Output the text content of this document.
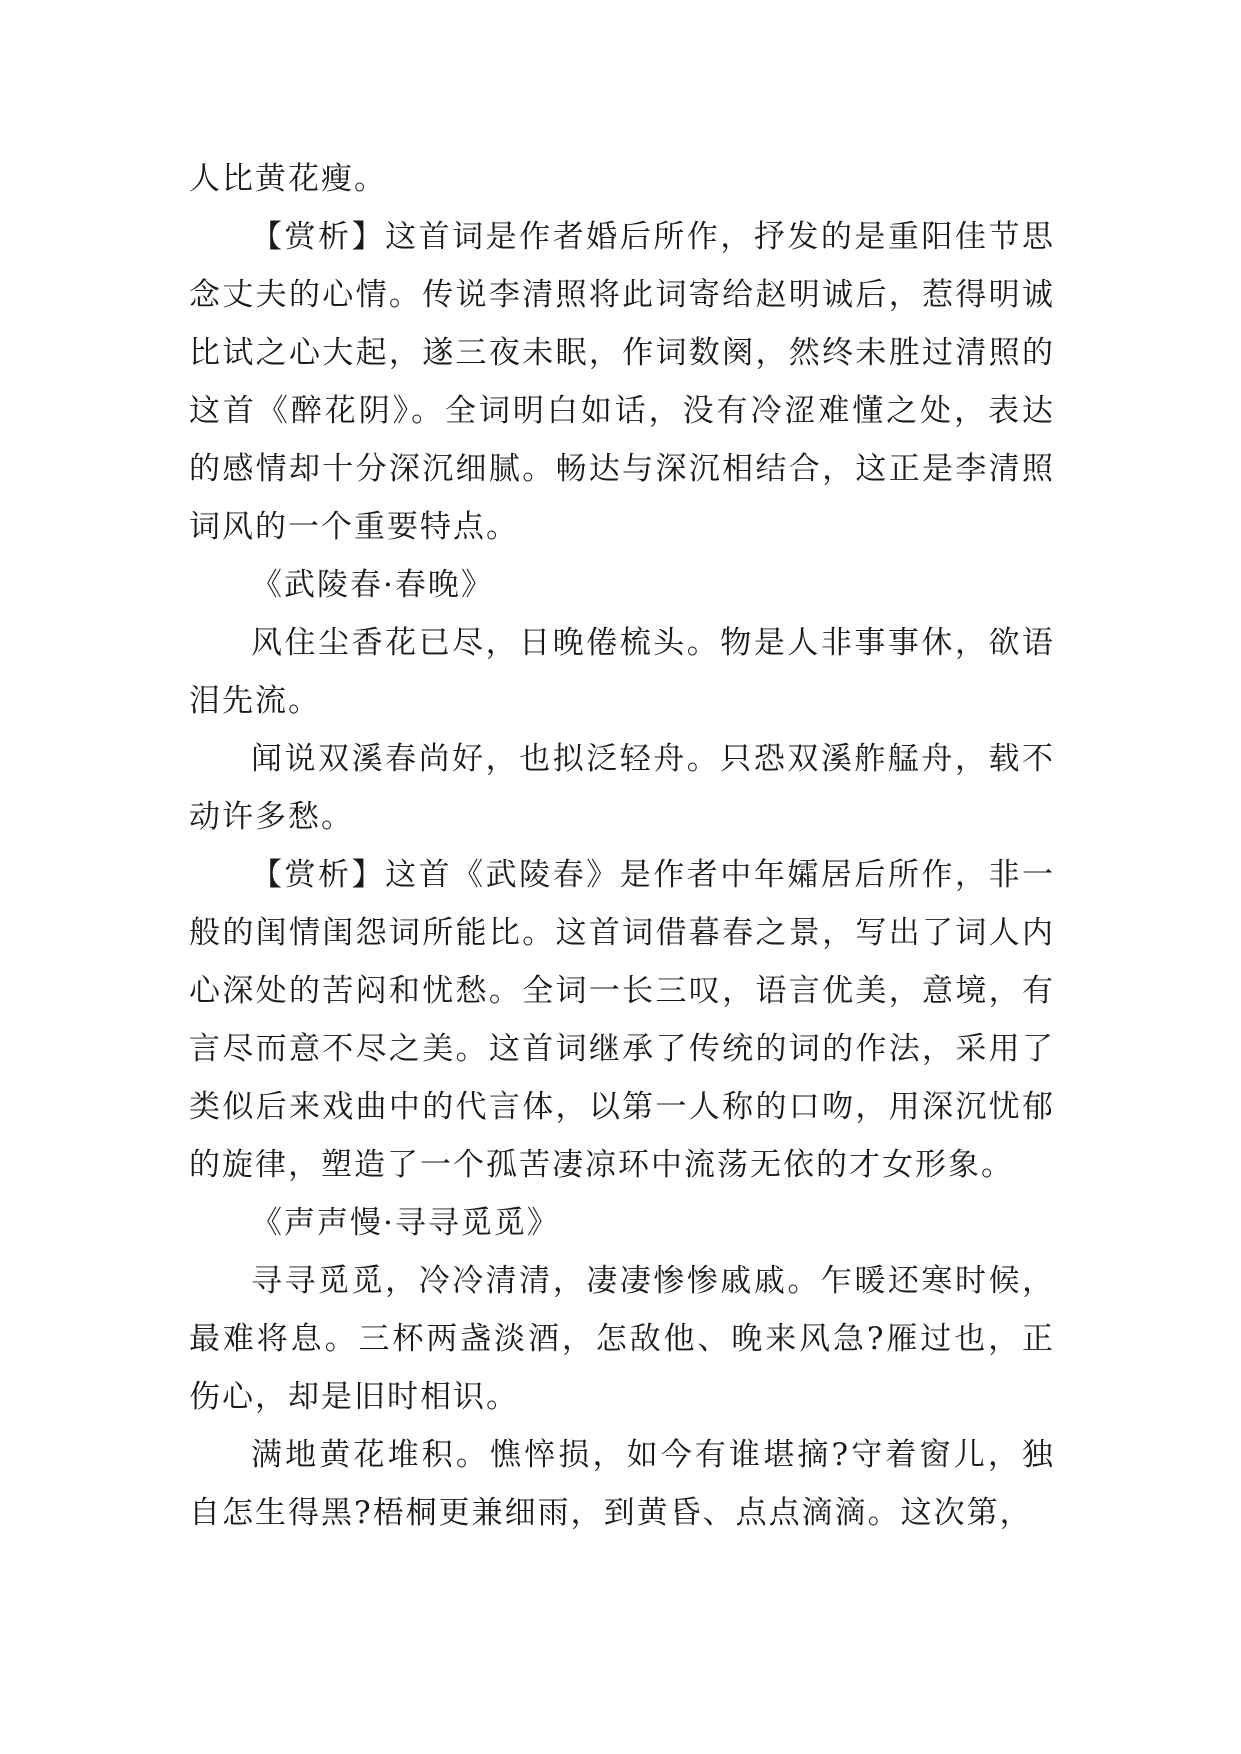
人比黄花瘦。

【赏析】这首词是作者婚后所作，抒发的是重阳佳节思念丈夫的心情。传说李清照将此词寄给赵明诚后，惹得明诚比试之心大起，遂三夜未眠，作词数阕，然终未胜过清照的这首《醉花阴》。全词明白如话，没有冷涩难懂之处，表达的感情却十分深沉细腻。畅达与深沉相结合，这正是李清照词风的一个重要特点。

《武陵春·春晚》

风住尘香花已尽，日晚倦梳头。物是人非事事休，欲语泪先流。

闻说双溪春尚好，也拟泛轻舟。只恐双溪舴艋舟，载不动许多愁。

【赏析】这首《武陵春》是作者中年孀居后所作，非一般的闺情闺怨词所能比。这首词借暮春之景，写出了词人内心深处的苦闷和忧愁。全词一长三叹，语言优美，意境，有言尽而意不尽之美。这首词继承了传统的词的作法，采用了类似后来戏曲中的代言体，以第一人称的口吻，用深沉忧郁的旋律，塑造了一个孤苦凄凉环中流荡无依的才女形象。

《声声慢·寻寻觅觅》

寻寻觅觅，冷冷清清，凄凄惨惨戚戚。乍暖还寒时候，最难将息。三杯两盏淡酒，怎敌他、晚来风急?雁过也，正伤心，却是旧时相识。

满地黄花堆积。憔悴损，如今有谁堪摘?守着窗儿，独自怎生得黑?梧桐更兼细雨，到黄昏、点点滴滴。这次第，
